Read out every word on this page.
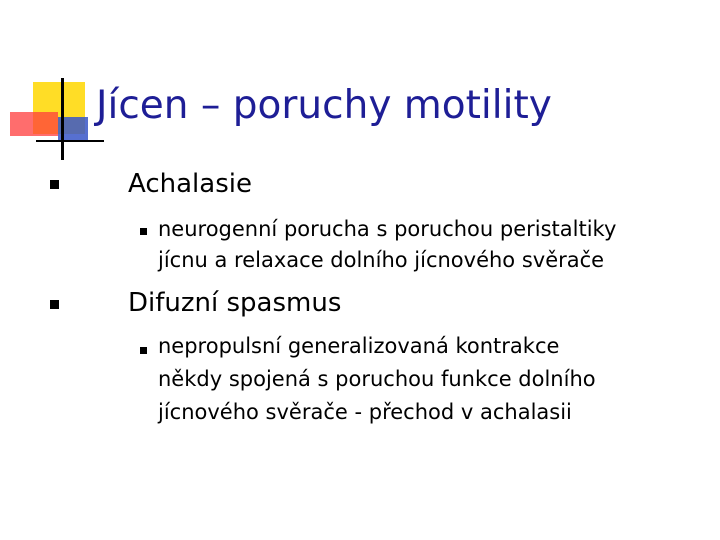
Jícen – poruchy motility
Achalasie
neurogenní porucha s poruchou peristaltiky
jícnu a relaxace dolního jícnového svěrače
Difuzní spasmus
nepropulsní generalizovaná kontrakce
někdy spojená s poruchou funkce dolního
jícnového svěrače - přechod v achalasii
